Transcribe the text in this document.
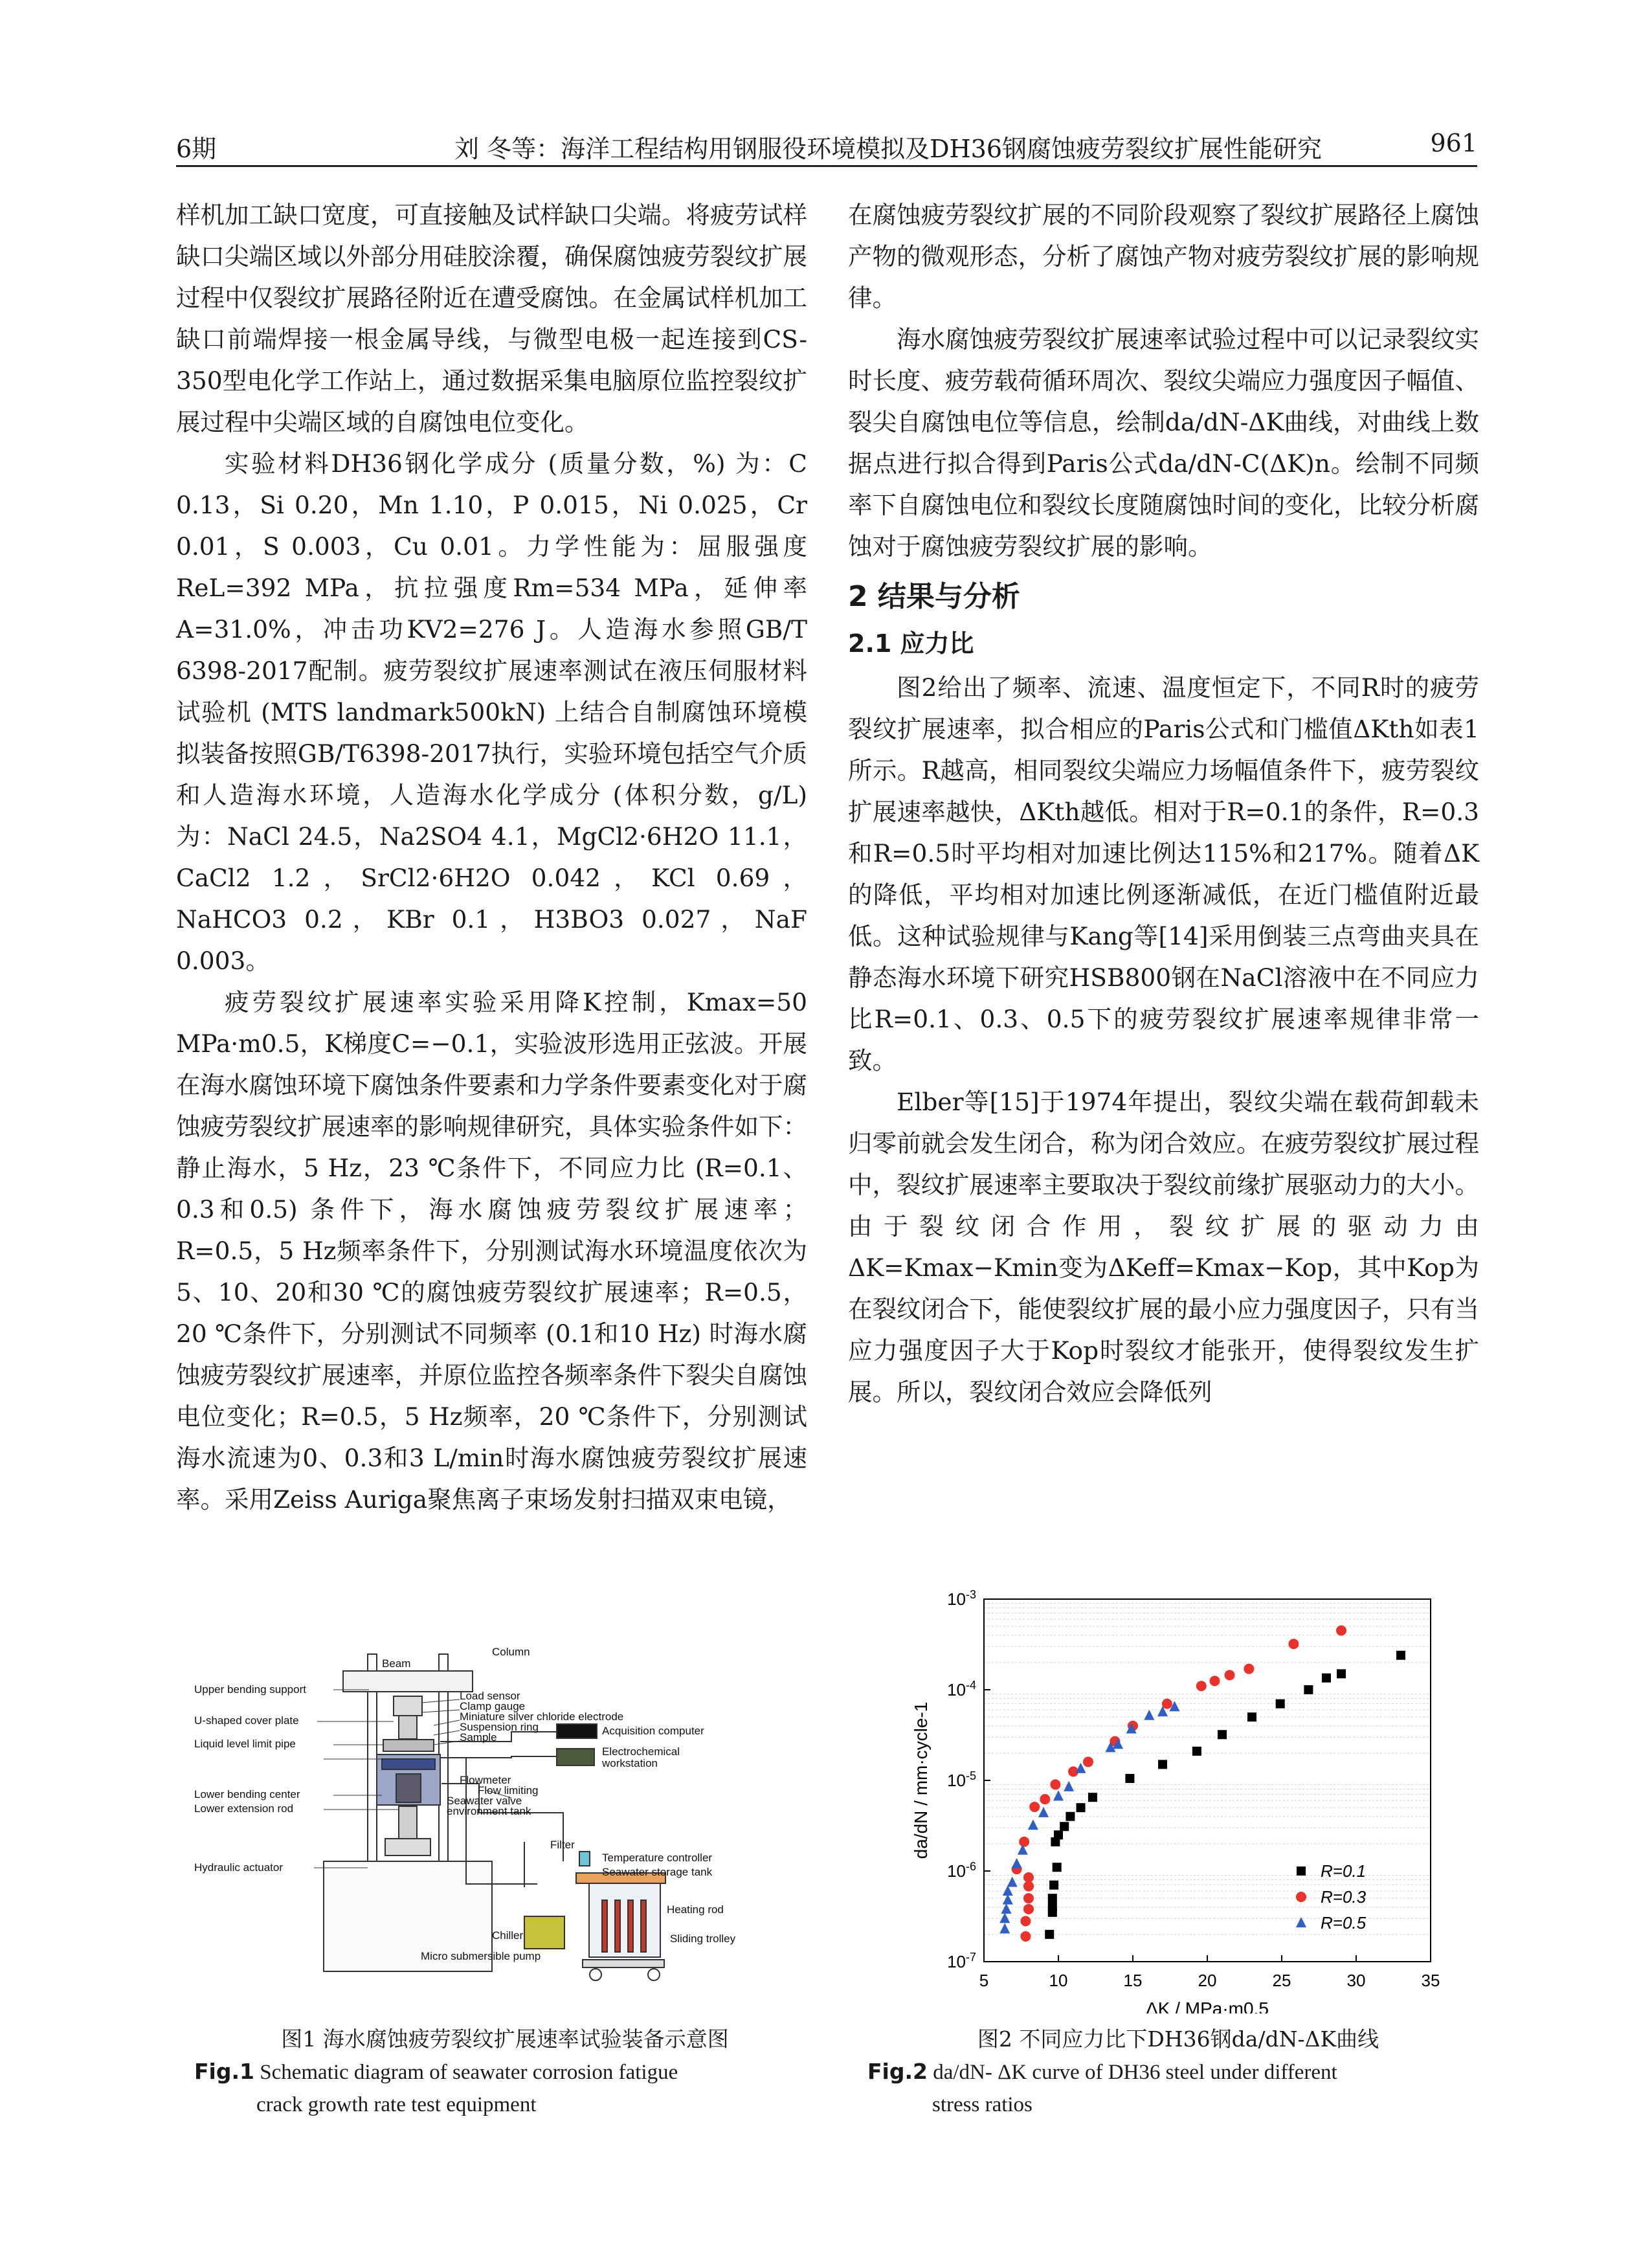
6期	刘 冬等：海洋工程结构用钢服役环境模拟及DH36钢腐蚀疲劳裂纹扩展性能研究	961

样机加工缺口宽度，可直接触及试样缺口尖端。将疲劳试样缺口尖端区域以外部分用硅胶涂覆，确保腐蚀疲劳裂纹扩展过程中仅裂纹扩展路径附近在遭受腐蚀。在金属试样机加工缺口前端焊接一根金属导线，与微型电极一起连接到CS-350型电化学工作站上，通过数据采集电脑原位监控裂纹扩展过程中尖端区域的自腐蚀电位变化。

实验材料DH36钢化学成分 (质量分数，%) 为：C 0.13，Si 0.20，Mn 1.10，P 0.015，Ni 0.025，Cr 0.01，S 0.003，Cu 0.01。力学性能为：屈服强度ReL=392 MPa，抗拉强度Rm=534 MPa，延伸率A=31.0%，冲击功KV2=276 J。人造海水参照GB/T 6398-2017配制。疲劳裂纹扩展速率测试在液压伺服材料试验机 (MTS landmark500kN) 上结合自制腐蚀环境模拟装备按照GB/T6398-2017执行，实验环境包括空气介质和人造海水环境，人造海水化学成分 (体积分数，g/L) 为：NaCl 24.5，Na2SO4 4.1，MgCl2·6H2O 11.1，CaCl2 1.2，SrCl2·6H2O 0.042，KCl 0.69，NaHCO3 0.2，KBr 0.1，H3BO3 0.027，NaF 0.003。

疲劳裂纹扩展速率实验采用降K控制，Kmax=50 MPa·m0.5，K梯度C=−0.1，实验波形选用正弦波。开展在海水腐蚀环境下腐蚀条件要素和力学条件要素变化对于腐蚀疲劳裂纹扩展速率的影响规律研究，具体实验条件如下：静止海水，5 Hz，23 ℃条件下，不同应力比 (R=0.1、0.3和0.5) 条件下，海水腐蚀疲劳裂纹扩展速率；R=0.5，5 Hz频率条件下，分别测试海水环境温度依次为5、10、20和30 ℃的腐蚀疲劳裂纹扩展速率；R=0.5，20 ℃条件下，分别测试不同频率 (0.1和10 Hz) 时海水腐蚀疲劳裂纹扩展速率，并原位监控各频率条件下裂尖自腐蚀电位变化；R=0.5，5 Hz频率，20 ℃条件下，分别测试海水流速为0、0.3和3 L/min时海水腐蚀疲劳裂纹扩展速率。采用Zeiss Auriga聚焦离子束场发射扫描双束电镜，

在腐蚀疲劳裂纹扩展的不同阶段观察了裂纹扩展路径上腐蚀产物的微观形态，分析了腐蚀产物对疲劳裂纹扩展的影响规律。

海水腐蚀疲劳裂纹扩展速率试验过程中可以记录裂纹实时长度、疲劳载荷循环周次、裂纹尖端应力强度因子幅值、裂尖自腐蚀电位等信息，绘制da/dN-ΔK曲线，对曲线上数据点进行拟合得到Paris公式da/dN-C(ΔK)n。绘制不同频率下自腐蚀电位和裂纹长度随腐蚀时间的变化，比较分析腐蚀对于腐蚀疲劳裂纹扩展的影响。

2 结果与分析
2.1 应力比

图2给出了频率、流速、温度恒定下，不同R时的疲劳裂纹扩展速率，拟合相应的Paris公式和门槛值ΔKth如表1所示。R越高，相同裂纹尖端应力场幅值条件下，疲劳裂纹扩展速率越快，ΔKth越低。相对于R=0.1的条件，R=0.3和R=0.5时平均相对加速比例达115%和217%。随着ΔK的降低，平均相对加速比例逐渐减低，在近门槛值附近最低。这种试验规律与Kang等[14]采用倒装三点弯曲夹具在静态海水环境下研究HSB800钢在NaCl溶液中在不同应力比R=0.1、0.3、0.5下的疲劳裂纹扩展速率规律非常一致。

Elber等[15]于1974年提出，裂纹尖端在载荷卸载未归零前就会发生闭合，称为闭合效应。在疲劳裂纹扩展过程中，裂纹扩展速率主要取决于裂纹前缘扩展驱动力的大小。由于裂纹闭合作用，裂纹扩展的驱动力由ΔK=Kmax−Kmin变为ΔKeff=Kmax−Kop，其中Kop为在裂纹闭合下，能使裂纹扩展的最小应力强度因子，只有当应力强度因子大于Kop时裂纹才能张开，使得裂纹发生扩展。所以，裂纹闭合效应会降低列

Beam
Column
Load sensor
Clamp gauge
Miniature silver chloride electrode
Suspension ring
Sample
Upper bending support
U-shaped cover plate
Liquid level limit pipe
Lower bending center
Lower extension rod
Flowmeter
Flow limiting
Seawater valve
environment tank
Acquisition computer
Electrochemical
workstation
Hydraulic actuator
Filter
Temperature controller
Seawater storage tank
Heating rod
Chiller	Sliding trolley
Micro submersible pump
图1 海水腐蚀疲劳裂纹扩展速率试验装备示意图
Fig.1 Schematic diagram of seawater corrosion fatigue
crack growth rate test equipment
5	10	15	20	25	30	35
$10^{-7}$
$10^{-6}$
$10^{-5}$
$10^{-4}$
$10^{-3}$
ΔK / MPa·m0.5
da/dN / mm·cycle-1
R=0.1
R=0.3
R=0.5
图2 不同应力比下DH36钢da/dN-ΔK曲线
Fig.2 da/dN- ΔK curve of DH36 steel under different
stress ratios
